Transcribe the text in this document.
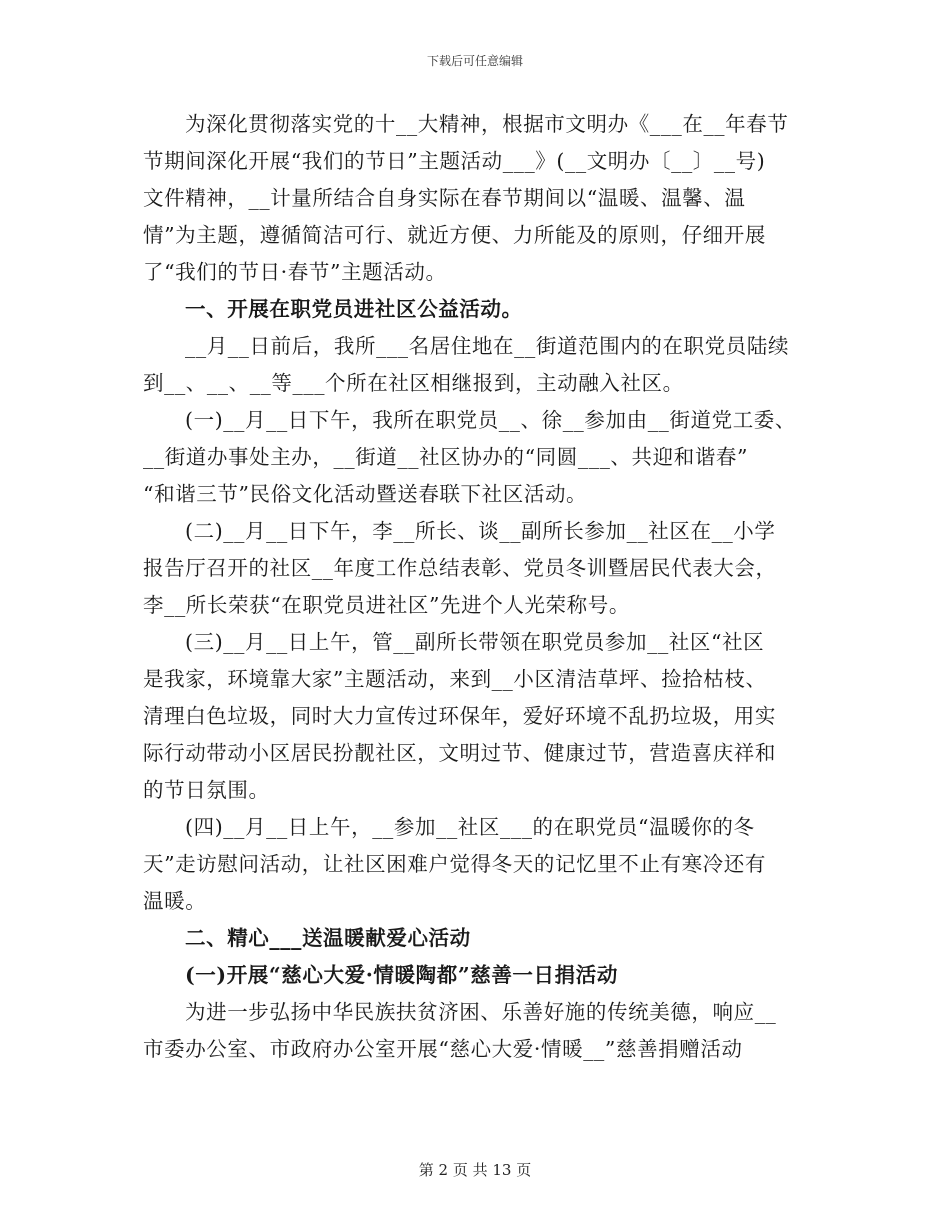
下载后可任意编辑
为深化贯彻落实党的十__大精神，根据市文明办《___在__年春节
节期间深化开展“我们的节日”主题活动___》(__文明办〔__〕__号)
文件精神，__计量所结合自身实际在春节期间以“温暖、温馨、温
情”为主题，遵循简洁可行、就近方便、力所能及的原则，仔细开展
了“我们的节日·春节”主题活动。
一、开展在职党员进社区公益活动。
__月__日前后，我所___名居住地在__街道范围内的在职党员陆续
到__、__、__等___个所在社区相继报到，主动融入社区。
(一)__月__日下午，我所在职党员__、徐__参加由__街道党工委、
__街道办事处主办，__街道__社区协办的“同圆___、共迎和谐春”
“和谐三节”民俗文化活动暨送春联下社区活动。
(二)__月__日下午，李__所长、谈__副所长参加__社区在__小学
报告厅召开的社区__年度工作总结表彰、党员冬训暨居民代表大会，
李__所长荣获“在职党员进社区”先进个人光荣称号。
(三)__月__日上午，管__副所长带领在职党员参加__社区“社区
是我家，环境靠大家”主题活动，来到__小区清洁草坪、捡拾枯枝、
清理白色垃圾，同时大力宣传过环保年，爱好环境不乱扔垃圾，用实
际行动带动小区居民扮靓社区，文明过节、健康过节，营造喜庆祥和
的节日氛围。
(四)__月__日上午，__参加__社区___的在职党员“温暖你的冬
天”走访慰问活动，让社区困难户觉得冬天的记忆里不止有寒冷还有
温暖。
二、精心___送温暖献爱心活动
(一)开展“慈心大爱·情暖陶都”慈善一日捐活动
为进一步弘扬中华民族扶贫济困、乐善好施的传统美德，响应__
市委办公室、市政府办公室开展“慈心大爱·情暖__”慈善捐赠活动
第 2 页 共 13 页
